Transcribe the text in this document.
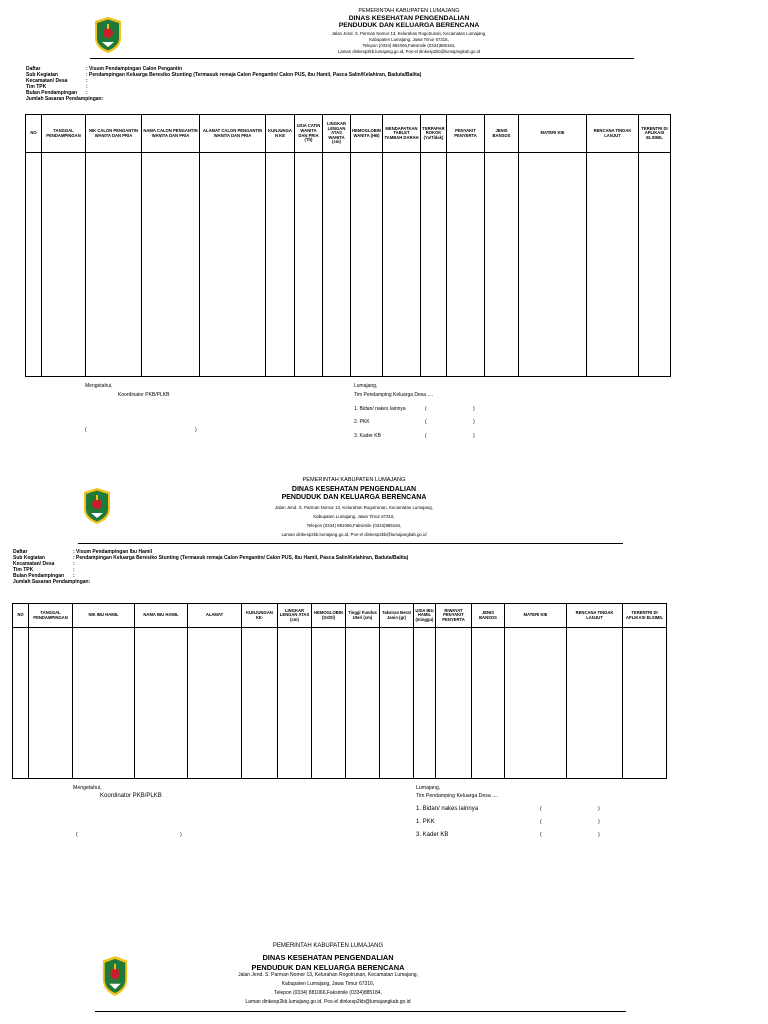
PEMERINTAH KABUPATEN LUMAJANG
DINAS KESEHATAN PENGENDALIAN
PENDUDUK DAN KELUARGA BERENCANA
Jalan Jend. S. Parman Nomor 13, Kelurahan Rogotrunan, Kecamatan Lumajang,
Kabupaten Lumajang, Jawa Timur 67316,
Telepon (0334) 881066,Faksimile (0334)885184,
Laman dinkesp2kb.lumajang.go.id, Pos-el dinkesp2kb@lumajangkab.go.id
Daftar	: Visum Pendampingan Calon Pengantin
Sub Kegiatan	: Pendampingan Keluarga Beresiko Stunting (Termasuk remaja Calon Pengantin/ Calon PUS, Ibu Hamil, Pasca Salin/Kelahiran, Baduta/Balita)
Kecamatan/ Desa	:
Tim TPK	:
Bulan Pendampingan :
Jumlah Sasaran Pendampingan:
NO	TANGGAL PENDAMPINGAN	NIK CALON PENGANTIN WANITA DAN PRIA	NAMA CALON PENGANTIN WANITA DAN PRIA	ALAMAT CALON PENGANTIN WANITA DAN PRIA	KUNJUNGAN KE	USIA CATIN WANITA DAN PRIA (Th)	LINGKAR LENGAN ATAS WANITA (cm)	HEMOGLOBIN WANITA (HB)	MENDAPATKAN TABLET TAMBAH DARAH	TERPAPAR ROKOK (Ya/Tidak)	PENYAKIT PENYERTA	JENIS BANSOS	MATERI KIE	RENCANA TINDAK LANJUT	TERENTRI DI APLIKASI ELSIMIL

Mengetahui,
Koordinator PKB/PLKB
(	)
Lumajang,
Tim Pendamping Keluarga Desa ....
1. Bidan/ nakes lainnya
2. PKK
3. Kader KB
(	)
(	)
(	)
PEMERINTAH KABUPATEN LUMAJANG
DINAS KESEHATAN PENGENDALIAN
PENDUDUK DAN KELUARGA BERENCANA
Jalan Jend. S. Parman Nomor 13, Kelurahan Rogotrunan, Kecamatan Lumajang,
Kabupaten Lumajang, Jawa Timur 67316,
Telepon (0334) 881066,Faksimile (0334)885184,
Laman dinkesp2kb.lumajang.go.id, Pos-el dinkesp2kb@lumajangkab.go.id
Daftar	: Visum Pendampingan Ibu Hamil
Sub Kegiatan	: Pendampingan Keluarga Beresiko Stunting (Termasuk remaja Calon Pengantin/ Calon PUS, Ibu Hamil, Pasca Salin/Kelahiran, Baduta/Balita)
Kecamatan/ Desa	:
Tim TPK	:
Bulan Pendampingan :
Jumlah Sasaran Pendampingan:
NO	TANGGAL PENDAMPINGAN	NIK IBU HAMIL	NAMA IBU HAMIL	ALAMAT	KUNJUNGAN KE-	LINGKAR LENGAN ATAS (cm)	HEMOGLOBIN (Gr/Dl)	Tinggi Fundus Uteri (cm)	Taksiran Berat Janin (gr)	USIA IBU HAMIL (minggu)	RIWAYAT PENYAKIT PENYERTA	JENIS BANSOS	MATERI KIE	RENCANA TINDAK LANJUT	TERENTRI DI APLIKASI ELSIMIL

Mengetahui,
Koordinator PKB/PLKB
(	)
Lumajang,
Tim Pendamping Keluarga Desa ....
1. Bidan/ nakes lainnya
1. PKK
3. Kader KB
(	)
(	)
(	)
PEMERINTAH KABUPATEN LUMAJANG
DINAS KESEHATAN PENGENDALIAN
PENDUDUK DAN KELUARGA BERENCANA
Jalan Jend. S. Parman Nomor 13, Kelurahan Rogotrunan, Kecamatan Lumajang,
Kabupaten Lumajang, Jawa Timur 67316,
Telepon (0334) 881066,Faksimile (0334)885184,
Laman dinkesp2kb.lumajang.go.id, Pos-el dinkesp2kb@lumajangkab.go.id
